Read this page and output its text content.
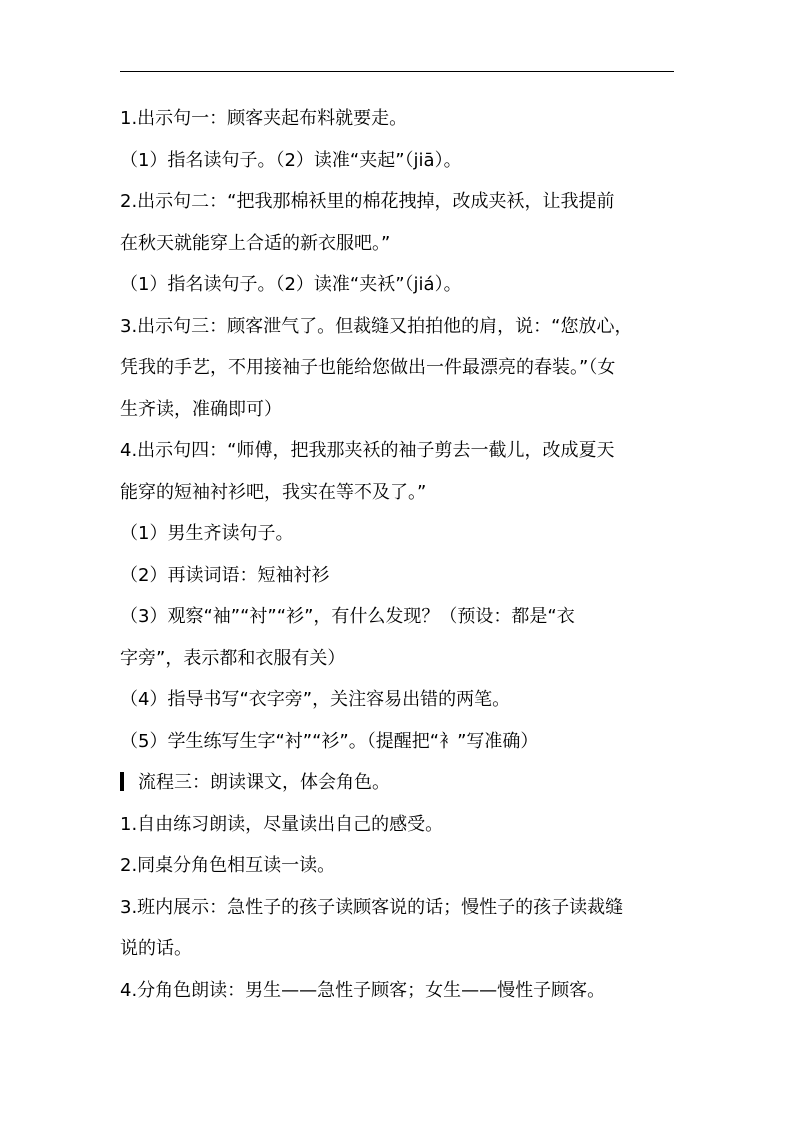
1.出示句一：顾客夹起布料就要走。

（1）指名读句子。（2）读准“夹起”（jiā）。

2.出示句二：“把我那棉袄里的棉花拽掉，改成夹袄，让我提前

在秋天就能穿上合适的新衣服吧。”

（1）指名读句子。（2）读准“夹袄”（jiá）。

3.出示句三：顾客泄气了。但裁缝又拍拍他的肩，说：“您放心，

凭我的手艺，不用接袖子也能给您做出一件最漂亮的春装。”（女

生齐读，准确即可）

4.出示句四：“师傅，把我那夹袄的袖子剪去一截儿，改成夏天

能穿的短袖衬衫吧，我实在等不及了。”

（1）男生齐读句子。

（2）再读词语：短袖衬衫

（3）观察“袖”“衬”“衫”，有什么发现？（预设：都是“衣

字旁”，表示都和衣服有关）

（4）指导书写“衣字旁”，关注容易出错的两笔。

（5）学生练写生字“衬”“衫”。（提醒把“衤”写准确）

流程三：朗读课文，体会角色。

1.自由练习朗读，尽量读出自己的感受。

2.同桌分角色相互读一读。

3.班内展示：急性子的孩子读顾客说的话；慢性子的孩子读裁缝

说的话。

4.分角色朗读：男生——急性子顾客；女生——慢性子顾客。
